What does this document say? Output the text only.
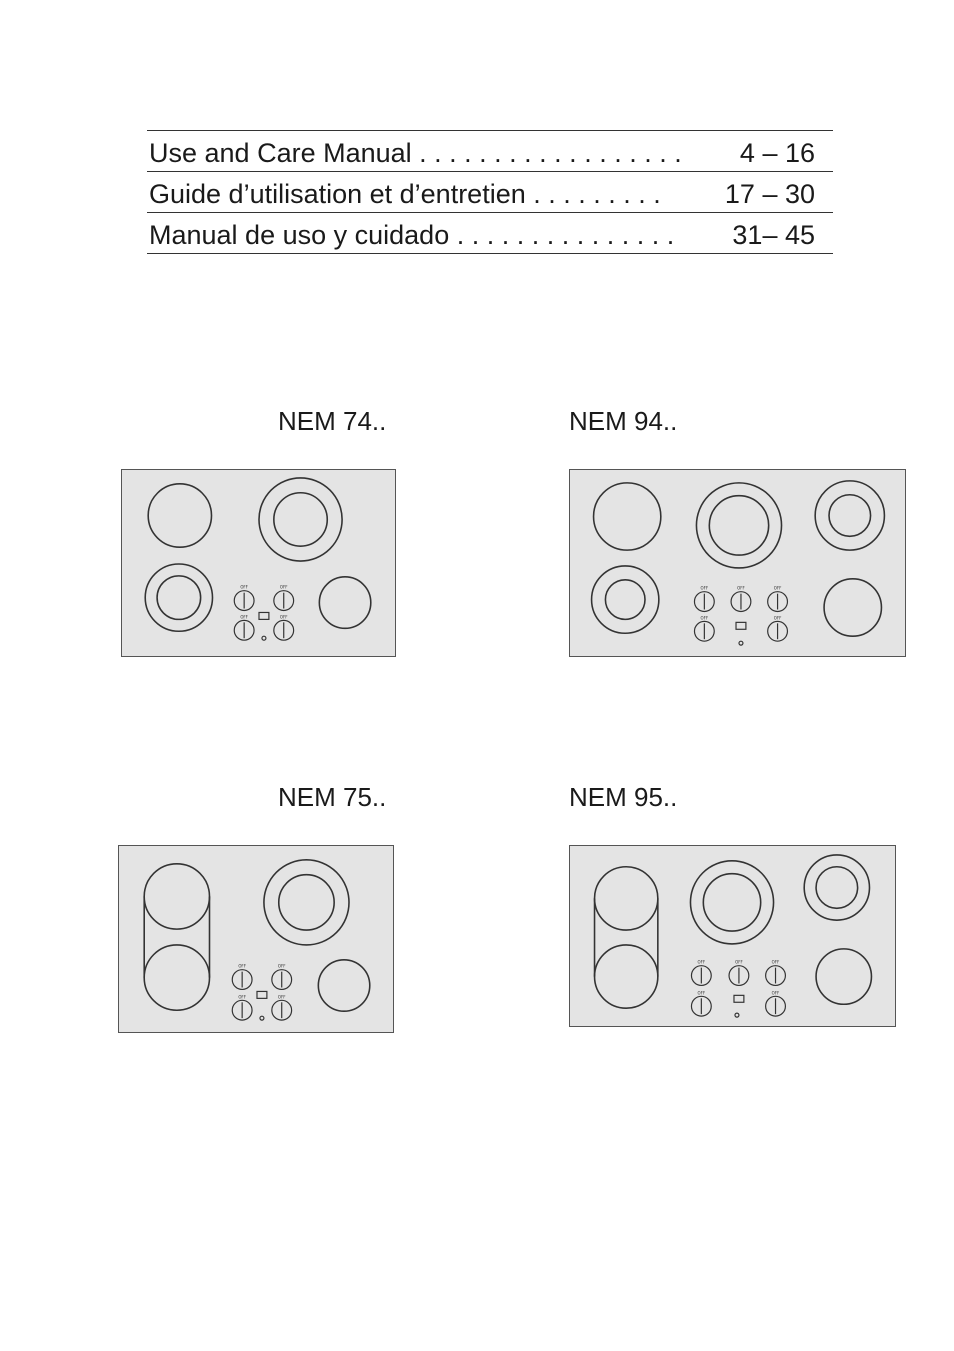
Use and Care Manual . . . . . . . . . . . . . . . . . . 4 – 16
Guide d’utilisation et d’entretien . . . . . . . . . 17 – 30
Manual de uso y cuidado . . . . . . . . . . . . . . . 31– 45
NEM 74..	NEM 94..
NEM 75..	NEM 95..
OFF	OFF
OFF	OFF
OFF	OFF	OFF
OFF	OFF
OFF	OFF
OFF	OFF
OFF	OFF	OFF
OFF	OFF
